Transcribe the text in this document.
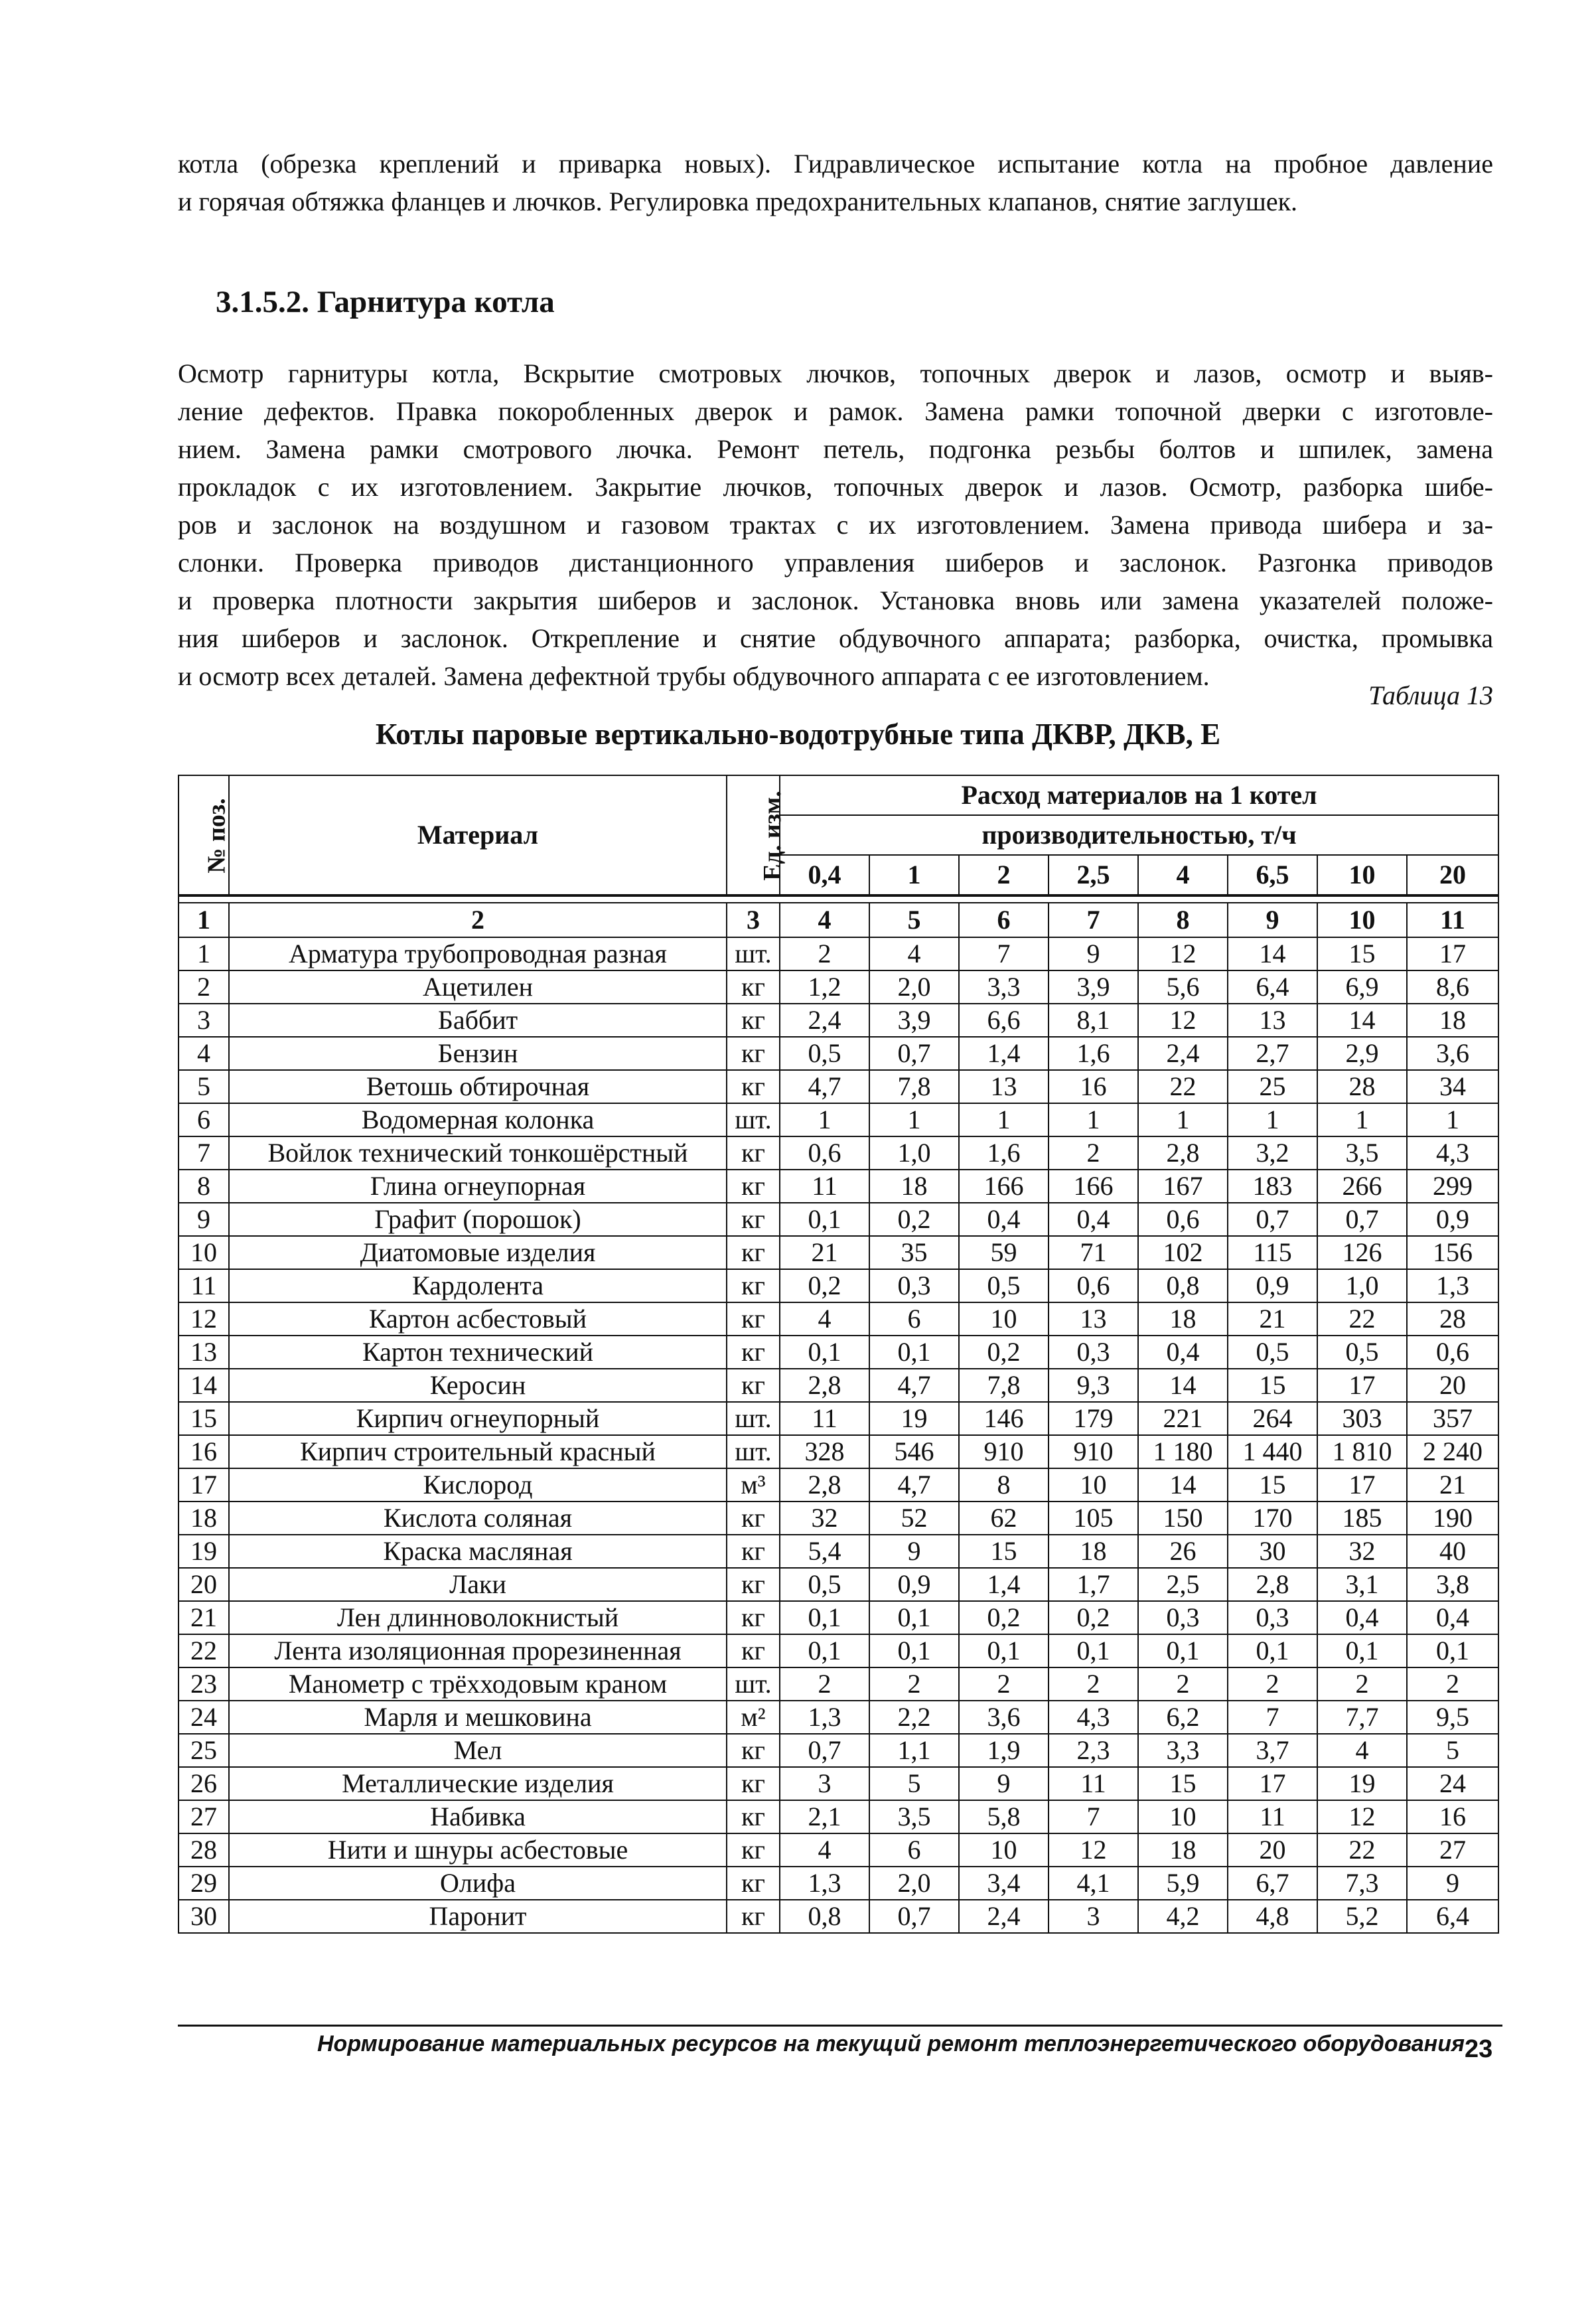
котла (обрезка креплений и приварка новых). Гидравлическое испытание котла на пробное давление
и горячая обтяжка фланцев и лючков. Регулировка предохранительных клапанов, снятие заглушек.
3.1.5.2. Гарнитура котла
Осмотр гарнитуры котла, Вскрытие смотровых лючков, топочных дверок и лазов, осмотр и выяв-
ление дефектов. Правка покоробленных дверок и рамок. Замена рамки топочной дверки с изготовле-
нием. Замена рамки смотрового лючка. Ремонт петель, подгонка резьбы болтов и шпилек, замена
прокладок с их изготовлением. Закрытие лючков, топочных дверок и лазов. Осмотр, разборка шибе-
ров и заслонок на воздушном и газовом трактах с их изготовлением. Замена привода шибера и за-
слонки. Проверка приводов дистанционного управления шиберов и заслонок. Разгонка приводов
и проверка плотности закрытия шиберов и заслонок. Установка вновь или замена указателей положе-
ния шиберов и заслонок. Открепление и снятие обдувочного аппарата; разборка, очистка, промывка
и осмотр всех деталей. Замена дефектной трубы обдувочного аппарата с ее изготовлением.
Таблица 13
Котлы паровые вертикально-водотрубные типа ДКВР, ДКВ, Е
№ поз.	Материал	Ед. изм.	Расход материалов на 1 котел							
			производительностью, т/ч							
			0,4	1	2	2,5	4	6,5	10	20

1	2	3	4	5	6	7	8	9	10	11
1	Арматура трубопроводная разная	шт.	2	4	7	9	12	14	15	17
2	Ацетилен	кг	1,2	2,0	3,3	3,9	5,6	6,4	6,9	8,6
3	Баббит	кг	2,4	3,9	6,6	8,1	12	13	14	18
4	Бензин	кг	0,5	0,7	1,4	1,6	2,4	2,7	2,9	3,6
5	Ветошь обтирочная	кг	4,7	7,8	13	16	22	25	28	34
6	Водомерная колонка	шт.	1	1	1	1	1	1	1	1
7	Войлок технический тонкошёрстный	кг	0,6	1,0	1,6	2	2,8	3,2	3,5	4,3
8	Глина огнеупорная	кг	11	18	166	166	167	183	266	299
9	Графит (порошок)	кг	0,1	0,2	0,4	0,4	0,6	0,7	0,7	0,9
10	Диатомовые изделия	кг	21	35	59	71	102	115	126	156
11	Кардолента	кг	0,2	0,3	0,5	0,6	0,8	0,9	1,0	1,3
12	Картон асбестовый	кг	4	6	10	13	18	21	22	28
13	Картон технический	кг	0,1	0,1	0,2	0,3	0,4	0,5	0,5	0,6
14	Керосин	кг	2,8	4,7	7,8	9,3	14	15	17	20
15	Кирпич огнеупорный	шт.	11	19	146	179	221	264	303	357
16	Кирпич строительный красный	шт.	328	546	910	910	1 180	1 440	1 810	2 240
17	Кислород	м³	2,8	4,7	8	10	14	15	17	21
18	Кислота соляная	кг	32	52	62	105	150	170	185	190
19	Краска масляная	кг	5,4	9	15	18	26	30	32	40
20	Лаки	кг	0,5	0,9	1,4	1,7	2,5	2,8	3,1	3,8
21	Лен длинноволокнистый	кг	0,1	0,1	0,2	0,2	0,3	0,3	0,4	0,4
22	Лента изоляционная прорезиненная	кг	0,1	0,1	0,1	0,1	0,1	0,1	0,1	0,1
23	Манометр с трёхходовым краном	шт.	2	2	2	2	2	2	2	2
24	Марля и мешковина	м²	1,3	2,2	3,6	4,3	6,2	7	7,7	9,5
25	Мел	кг	0,7	1,1	1,9	2,3	3,3	3,7	4	5
26	Металлические изделия	кг	3	5	9	11	15	17	19	24
27	Набивка	кг	2,1	3,5	5,8	7	10	11	12	16
28	Нити и шнуры асбестовые	кг	4	6	10	12	18	20	22	27
29	Олифа	кг	1,3	2,0	3,4	4,1	5,9	6,7	7,3	9
30	Паронит	кг	0,8	0,7	2,4	3	4,2	4,8	5,2	6,4
Нормирование материальных ресурсов на текущий ремонт теплоэнергетического оборудования 23
